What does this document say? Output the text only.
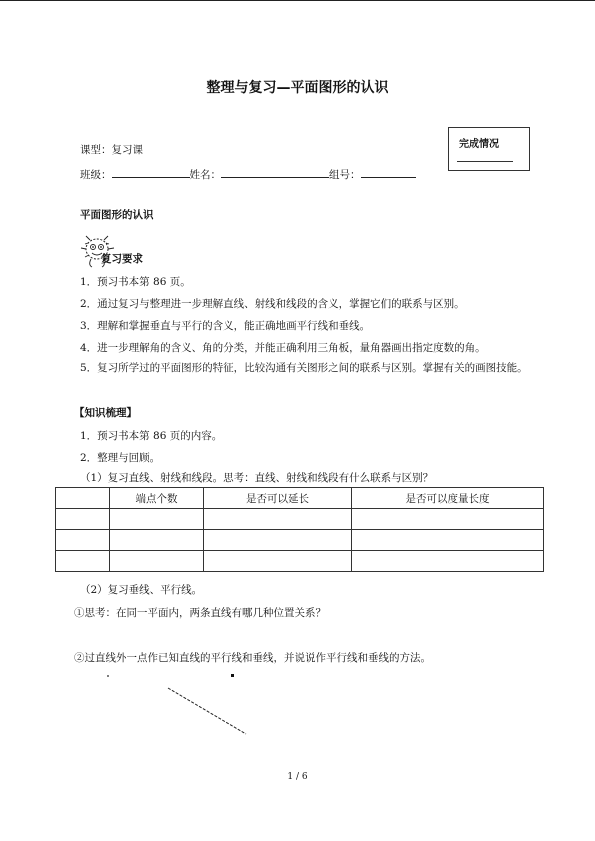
整理与复习—平面图形的认识
完成情况
课型：复习课
班级：	姓名：	组号：
平面图形的认识
复习要求
1．预习书本第 86 页。
2．通过复习与整理进一步理解直线、射线和线段的含义，掌握它们的联系与区别。
3．理解和掌握垂直与平行的含义，能正确地画平行线和垂线。
4．进一步理解角的含义、角的分类，并能正确利用三角板，量角器画出指定度数的角。
5．复习所学过的平面图形的特征，比较沟通有关图形之间的联系与区别。掌握有关的画图技能。
【知识梳理】
1．预习书本第 86 页的内容。
2．整理与回顾。
（1）复习直线、射线和线段。思考：直线、射线和线段有什么联系与区别？
	端点个数	是否可以延长	是否可以度量长度

（2）复习垂线、平行线。
①思考：在同一平面内，两条直线有哪几种位置关系？
②过直线外一点作已知直线的平行线和垂线，并说说作平行线和垂线的方法。
1 / 6
